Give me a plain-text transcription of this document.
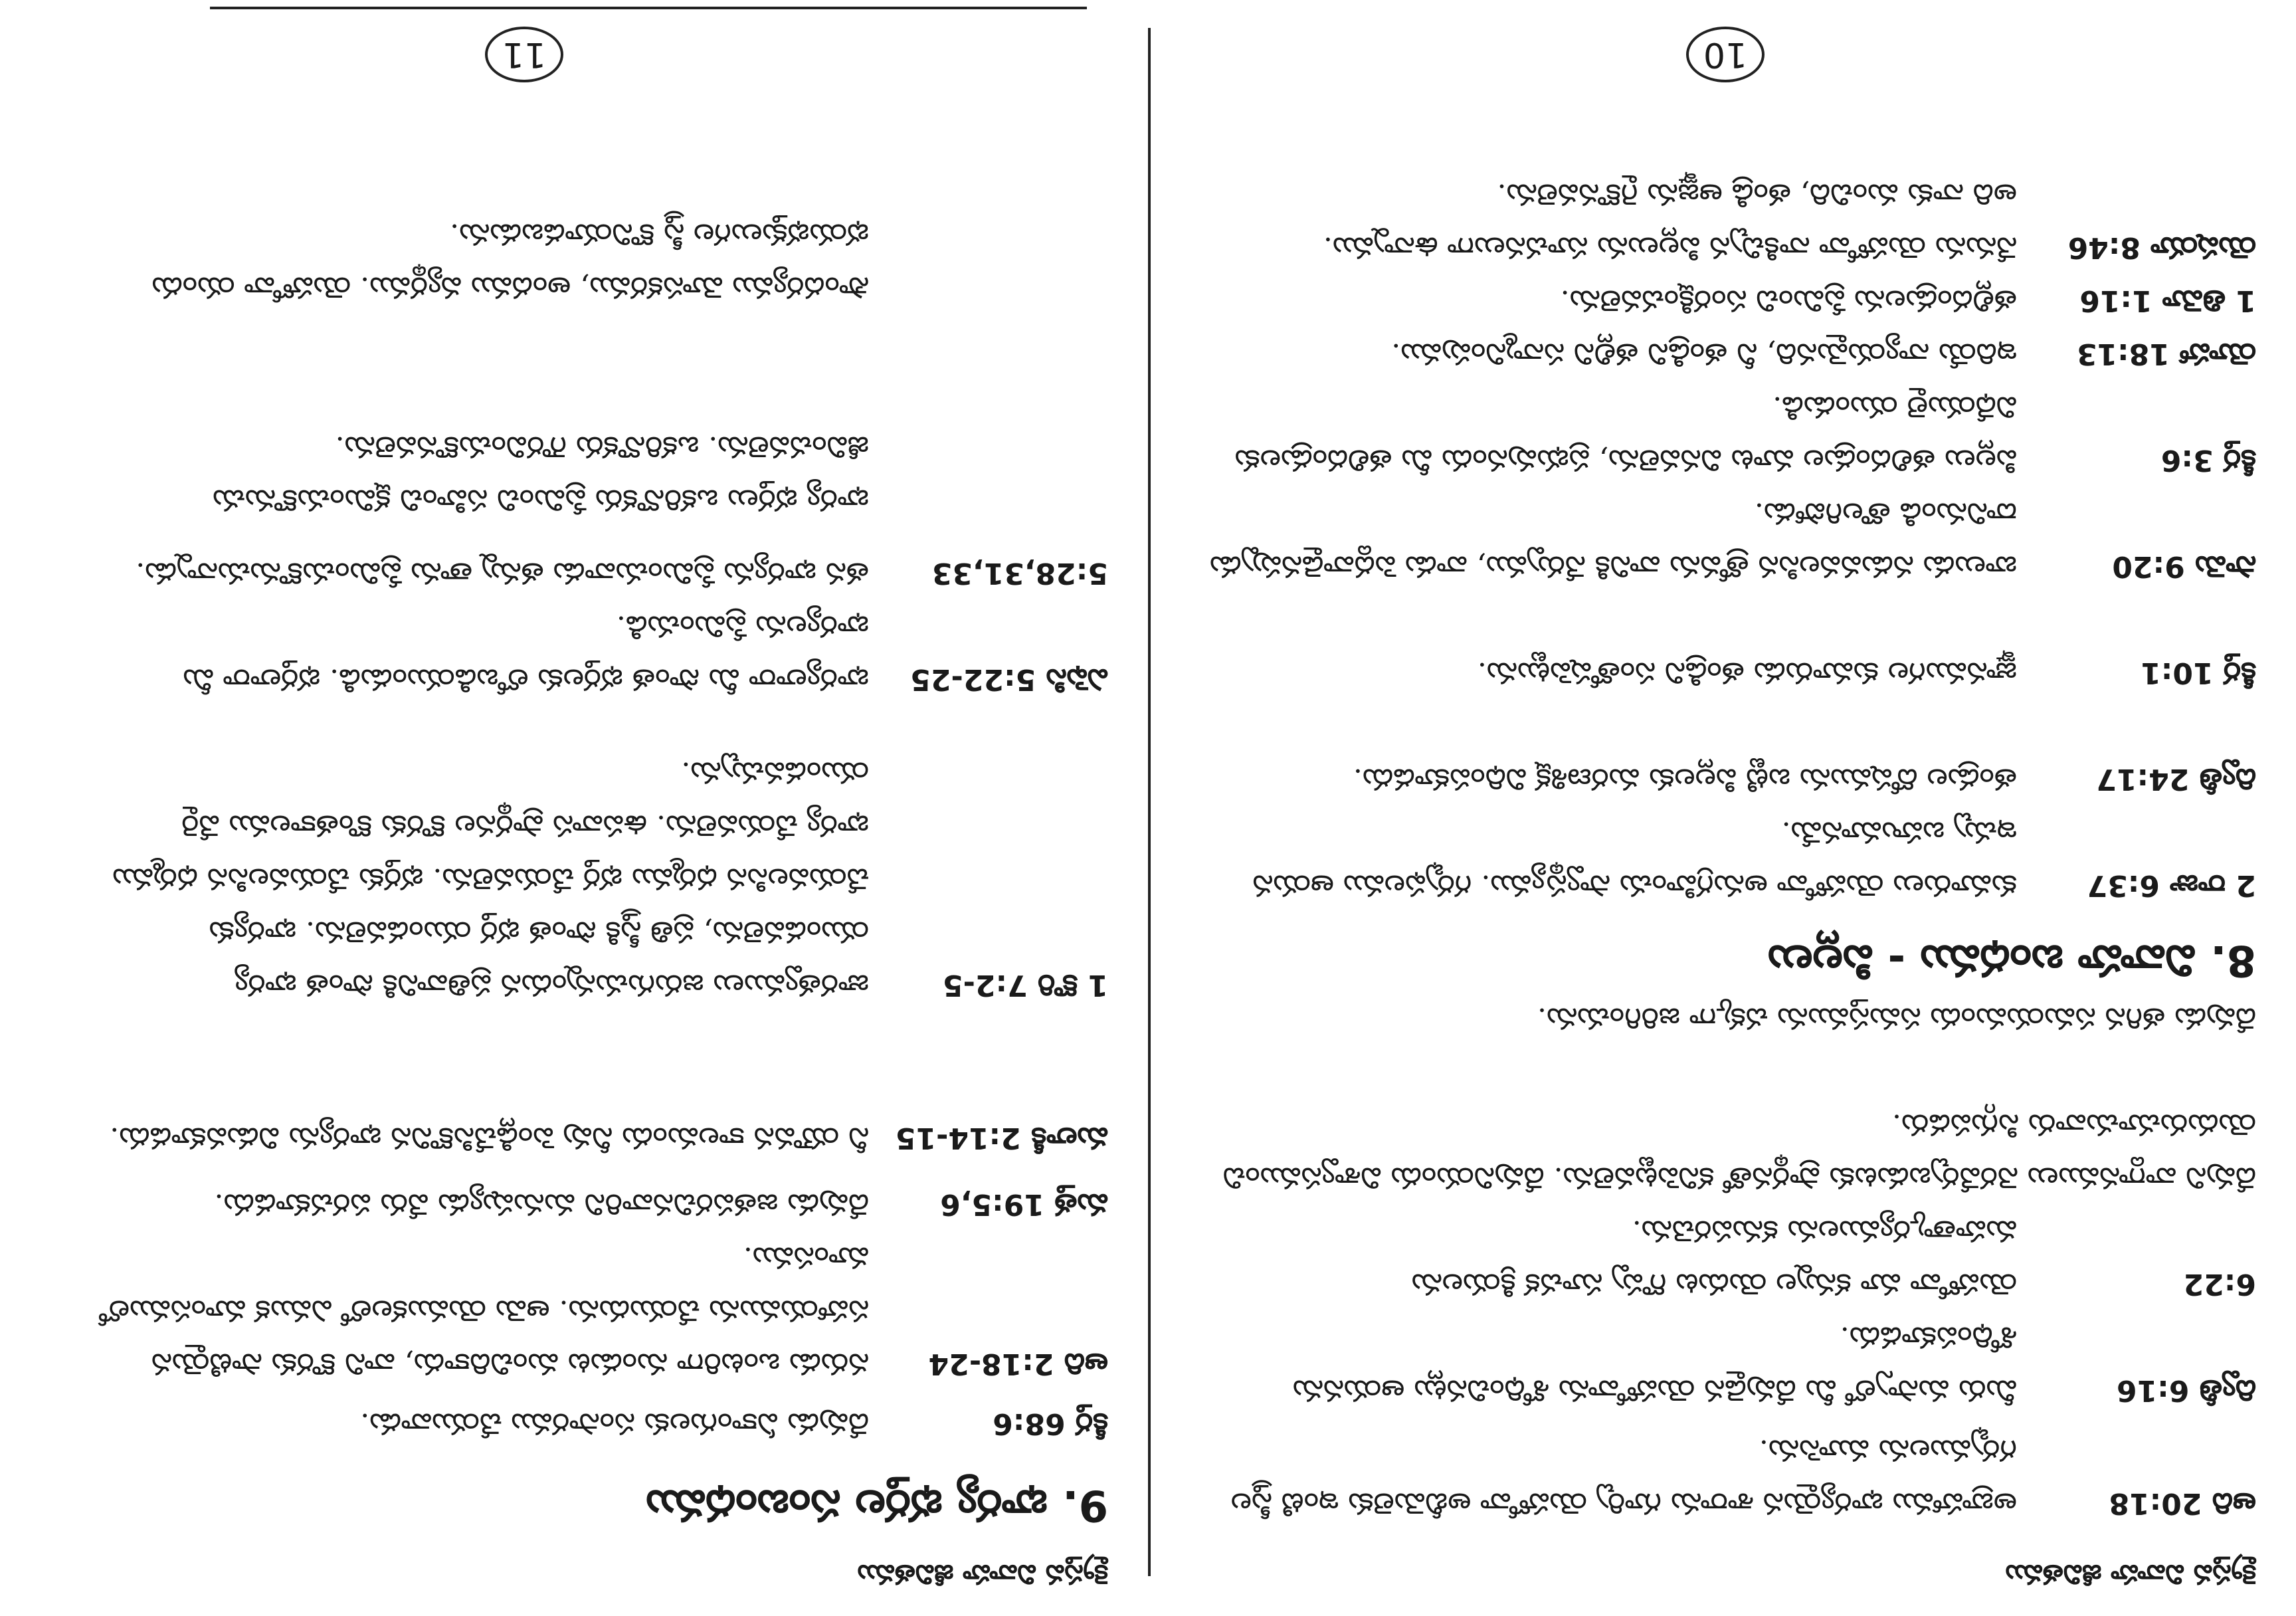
క్రైస్తవ వివాహ జీవితము
9. భార్య భర్తల సంబంధము
కీర్త 68:6
దేవుడు ఏకాంగులకు సంసారము చేయువాడు.
ఆది 2:18-24
నరుడు ఒంటరిగా నుండుట మంచిదికాదు, వాని కొరకు సాటియైన సహాయమును చేయుదును. ఆమె యెముకలలో ఎముక మాంసములో మాంసము.
మత్త 19:5,6
దేవుడు జతపరచినవారిని మనుష్యుడు వేరు పరచకూడదు.
మలాకీ 2:14-15
నీ యౌవన కాలమందు నీవు పెండ్లిచేసికొనిన భార్యను విడువకూడదు.
1 కొరి 7:2-5
జారత్వములు జరుగుచున్నందున ప్రతివానికి సొంత భార్య యుండవలెను, ప్రతి స్త్రీకి సొంత భర్త యుండవలెను. భార్యకు చేయవలసిన ధర్మము భర్త చేయవలెను. భర్తకు చేయవలసిన ధర్మము భార్య చేయవలెను. ఉపవాస ప్రార్థనల కొరకు కొంతకాలము వేరై యుండవచ్చును.
ఎఫెసి 5:22-25
భార్యలారా మీ సొంత భర్తలకు లోబడియుండుడి. భర్తలారా మీ భార్యలను ప్రేమించుడి.
5:28,31,33
తన భార్యను ప్రేమించువాడు తన్ను తాను ప్రేమించుకొనుచున్నాడు.
భార్య భర్తలు ఒకరినొకరు ప్రేమించి సహించి క్షమించుకొనుచు జీవించవలెను. ఒకరినొకరు గౌరవించుకొనవలెను.
సౌందర్యము మోసకరము, అందము వ్యర్థము. యెహోవా యందు భయభక్తులుగల స్త్రీ కొనియాడబడును.
11
క్రైస్తవ వివాహ జీవితము
ఆది 20:18
అబ్రాహాము భార్యయైన శారాను గూర్చి యెహోవా అబీమెలెకు ఇంటి స్త్రీల గర్భములను మూసెను.
ద్వితీ 6:16
మీరు మస్సాలో మీ దేవుడైన యెహోవాను శోధించినట్లు ఆయనను శోధింపకూడదు.
6:22
యెహోవా మా కన్నుల యెదుట గొప్ప సూచక క్రియలను మహత్కార్యములను కనుపరచెను.
దేవుని వాగ్దానములు నెరవేర్చబడుటకు ప్రార్థనతో కనిపెట్టవలెను. దేవునియందు విశ్వాసముంచి యెదురుచూచువారు సిగ్గుపడరు.
దేవుడు తగిన సమయమందు సమస్తమును చక్కగా జరిగించును.
8. వివాహ బంధము - పిల్లలు
2 రాజు 6:37
కుమారులు యెహోవా అనుగ్రహించు స్వాస్థ్యము. గర్భఫలము ఆయన ఇచ్చు బహుమానమే.
ద్వితీ 24:17
తండ్రుల దోషమును బట్టి పిల్లలకు మరణశిక్ష విధింపకూడదు.
కీర్త 10:1
జ్ఞానముగల కుమారుడు తండ్రిని సంతోషపెట్టును.
సామె 9:20
బాలుడు నడువవలసిన త్రోవను వానికి నేర్పుము, వాడు పెద్దవాడైనప్పుడు దానినుండి తొలగిపోడు.
కీర్త 3:6
పిల్లలు తలిదండ్రుల మాట వినవలెను, ప్రభువునందు మీ తలిదండ్రులకు విధేయులై యుండుడి.
యోహా 18:13
ఇదియే న్యాయమైనది, నీ తండ్రిని తల్లిని సన్మానింపుము.
1 తిమో 1:16
తల్లిదండ్రులను ప్రేమించి సంరక్షించవలెను.
యెషయా 8:46
నేనును యెహోవా నాకిచ్చిన పిల్లలును సూచనలుగా ఉన్నాము.
అది నాకు మంచిది, తండ్రి ఆజ్ఞను గైకొనవలెను.
10
